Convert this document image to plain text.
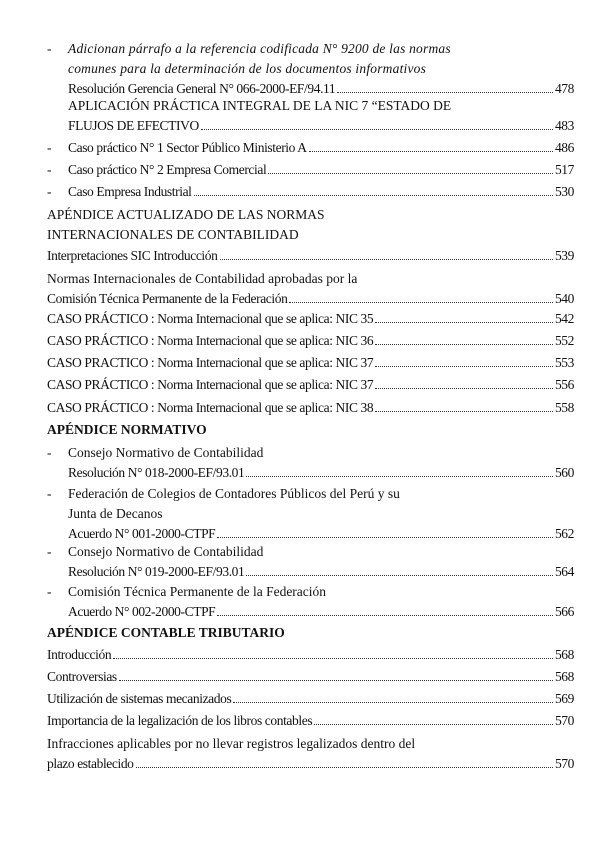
- Adicionan párrafo a la referencia codificada N° 9200 de las normas
comunes para la determinación de los documentos informativos
Resolución Gerencia General N° 066-2000-EF/94.11	478
APLICACIÓN PRÁCTICA INTEGRAL DE LA NIC 7 “ESTADO DE
FLUJOS DE EFECTIVO	483
- Caso práctico N° 1 Sector Público Ministerio A	486
- Caso práctico N° 2 Empresa Comercial	517
- Caso Empresa Industrial	530
APÉNDICE ACTUALIZADO DE LAS NORMAS
INTERNACIONALES DE CONTABILIDAD
Interpretaciones SIC Introducción	539
Normas Internacionales de Contabilidad aprobadas por la
Comisión Técnica Permanente de la Federación	540
CASO PRÁCTICO : Norma Internacional que se aplica: NIC 35	542
CASO PRÁCTICO : Norma Internacional que se aplica: NIC 36	552
CASO PRACTICO : Norma Internacional que se aplica: NIC 37	553
CASO PRÁCTICO : Norma Internacional que se aplica: NIC 37	556
CASO PRÁCTICO : Norma Internacional que se aplica: NIC 38	558
APÉNDICE NORMATIVO
- Consejo Normativo de Contabilidad
Resolución N° 018-2000-EF/93.01	560
- Federación de Colegios de Contadores Públicos del Perú y su
Junta de Decanos
Acuerdo N° 001-2000-CTPF	562
- Consejo Normativo de Contabilidad
Resolución N° 019-2000-EF/93.01	564
- Comisión Técnica Permanente de la Federación
Acuerdo N° 002-2000-CTPF	566
APÉNDICE CONTABLE TRIBUTARIO
Introducción	568
Controversias	568
Utilización de sistemas mecanizados	569
Importancia de la legalización de los libros contables	570
Infracciones aplicables por no llevar registros legalizados dentro del
plazo establecido	570
